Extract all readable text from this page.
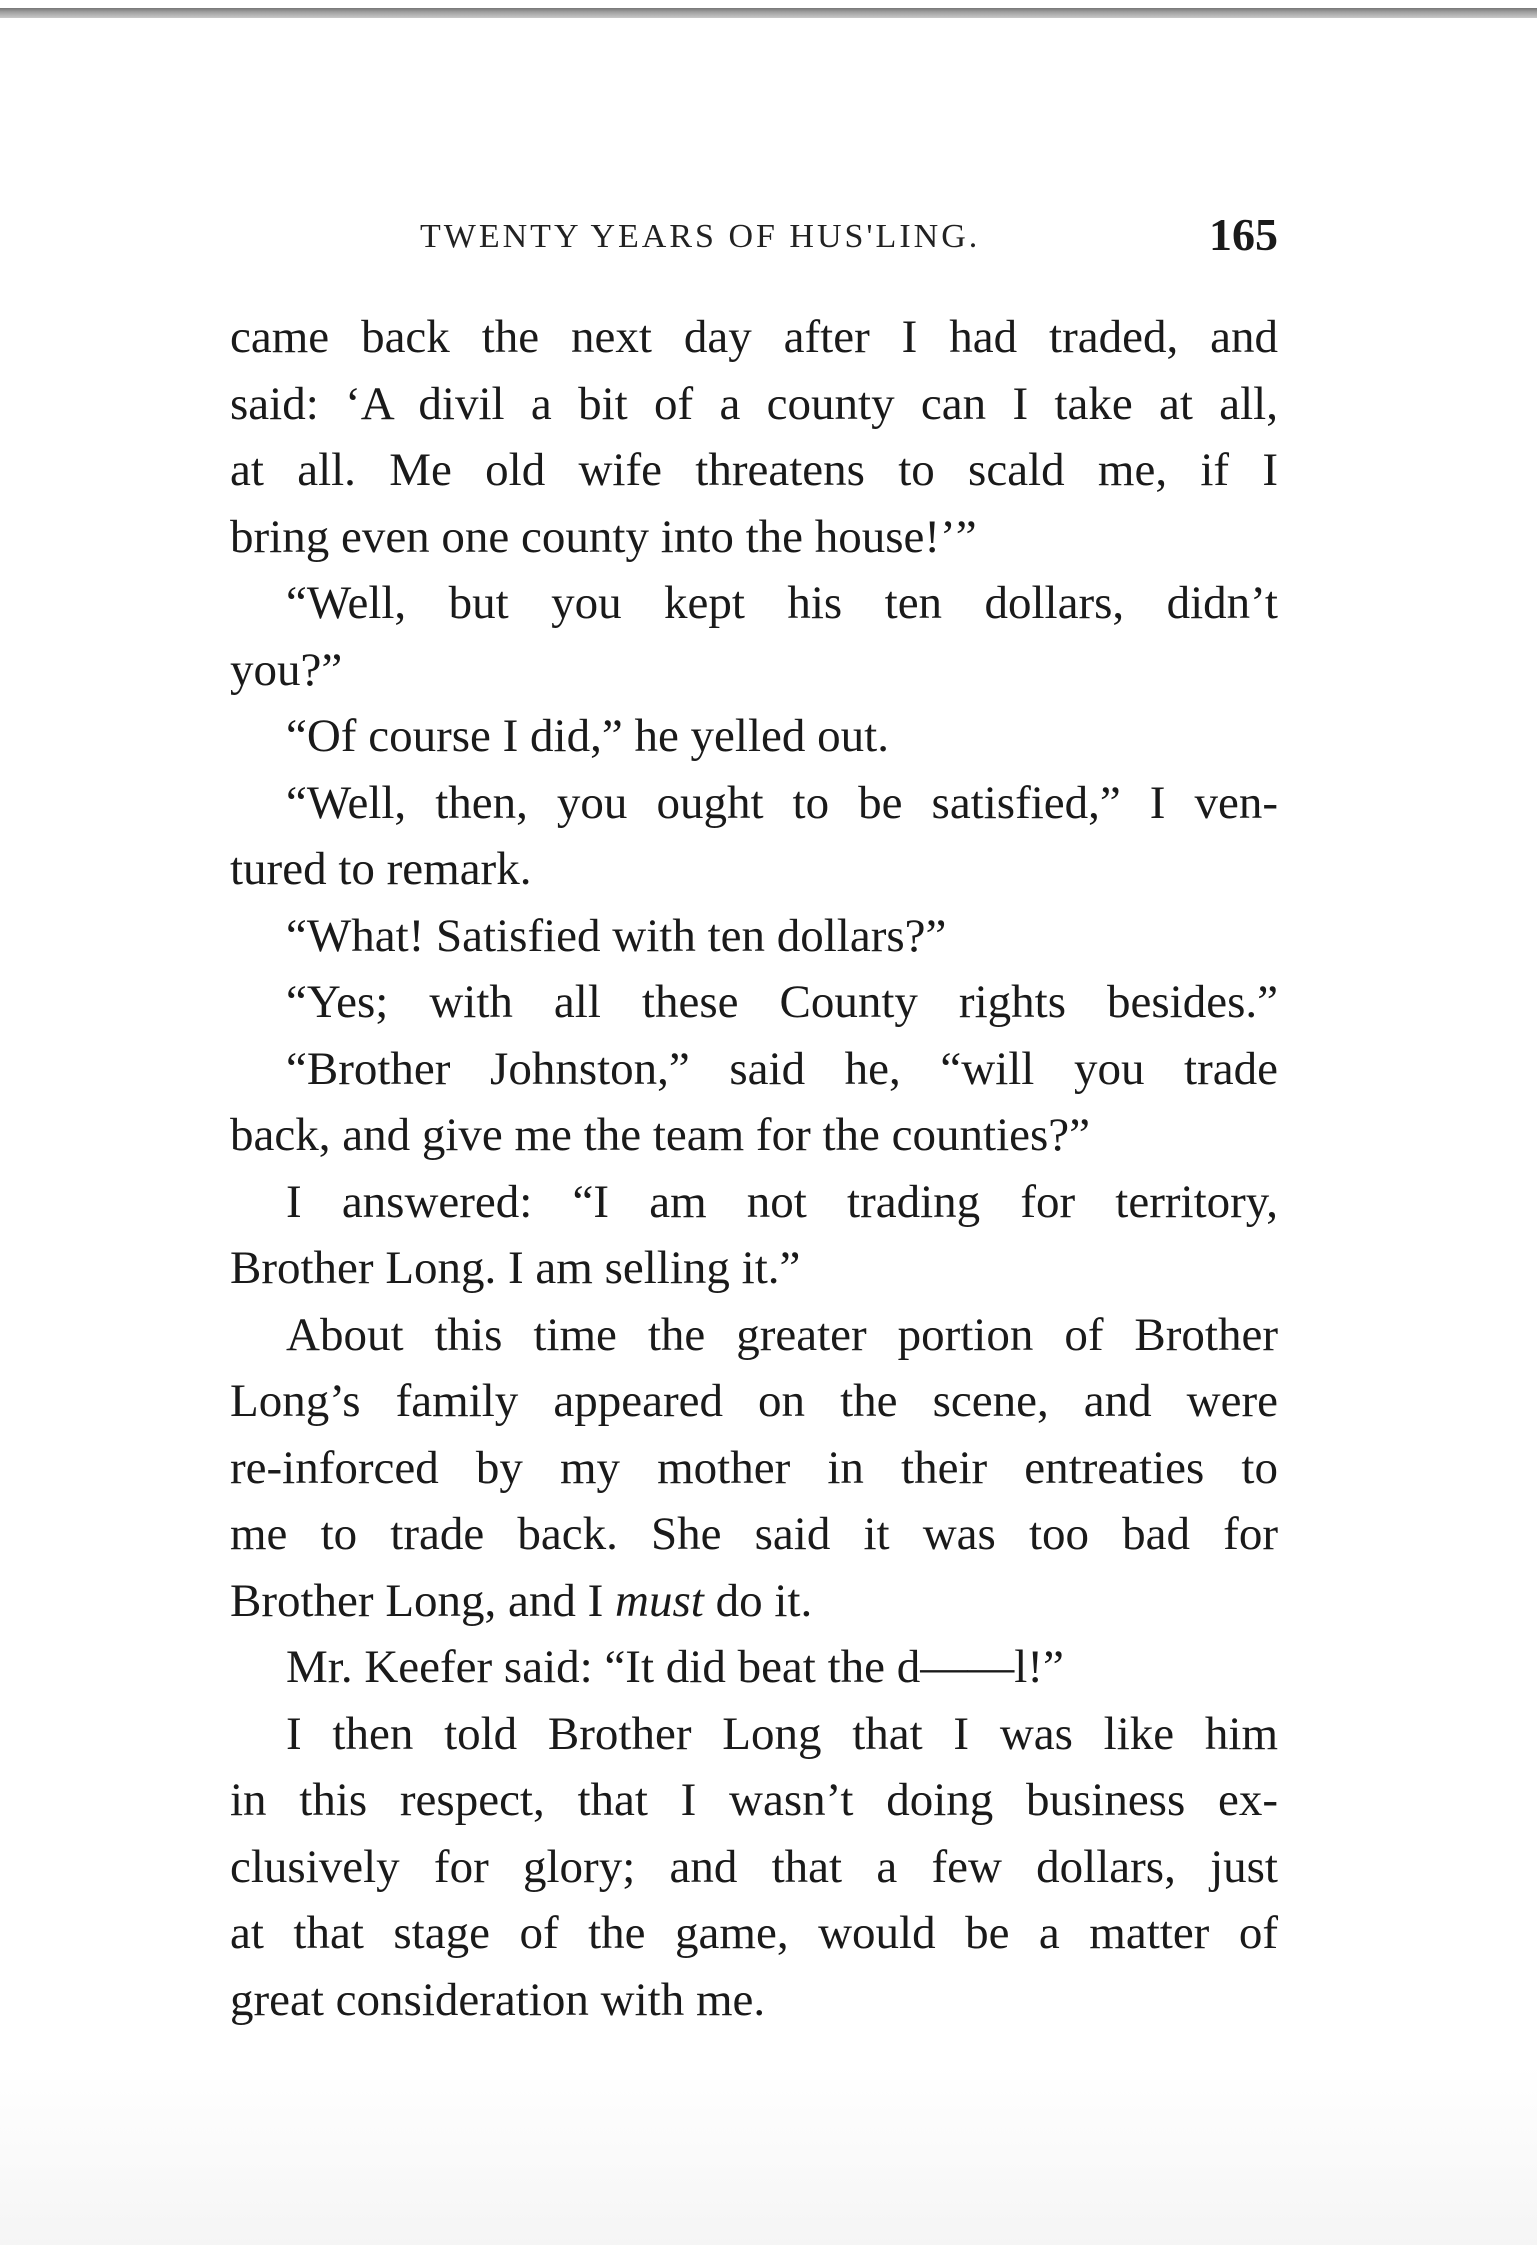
TWENTY YEARS OF HUS'LING.	165
came back the next day after I had traded, and
said: ‘A divil a bit of a county can I take at all,
at all. Me old wife threatens to scald me, if I
bring even one county into the house!’”
“Well, but you kept his ten dollars, didn’t
you?”
“Of course I did,” he yelled out.
“Well, then, you ought to be satisfied,” I ven-
tured to remark.
“What! Satisfied with ten dollars?”
“Yes; with all these County rights besides.”
“Brother Johnston,” said he, “will you trade
back, and give me the team for the counties?”
I answered: “I am not trading for territory,
Brother Long. I am selling it.”
About this time the greater portion of Brother
Long’s family appeared on the scene, and were
re-inforced by my mother in their entreaties to
me to trade back. She said it was too bad for
Brother Long, and I must do it.
Mr. Keefer said: “It did beat the d——l!”
I then told Brother Long that I was like him
in this respect, that I wasn’t doing business ex-
clusively for glory; and that a few dollars, just
at that stage of the game, would be a matter of
great consideration with me.
